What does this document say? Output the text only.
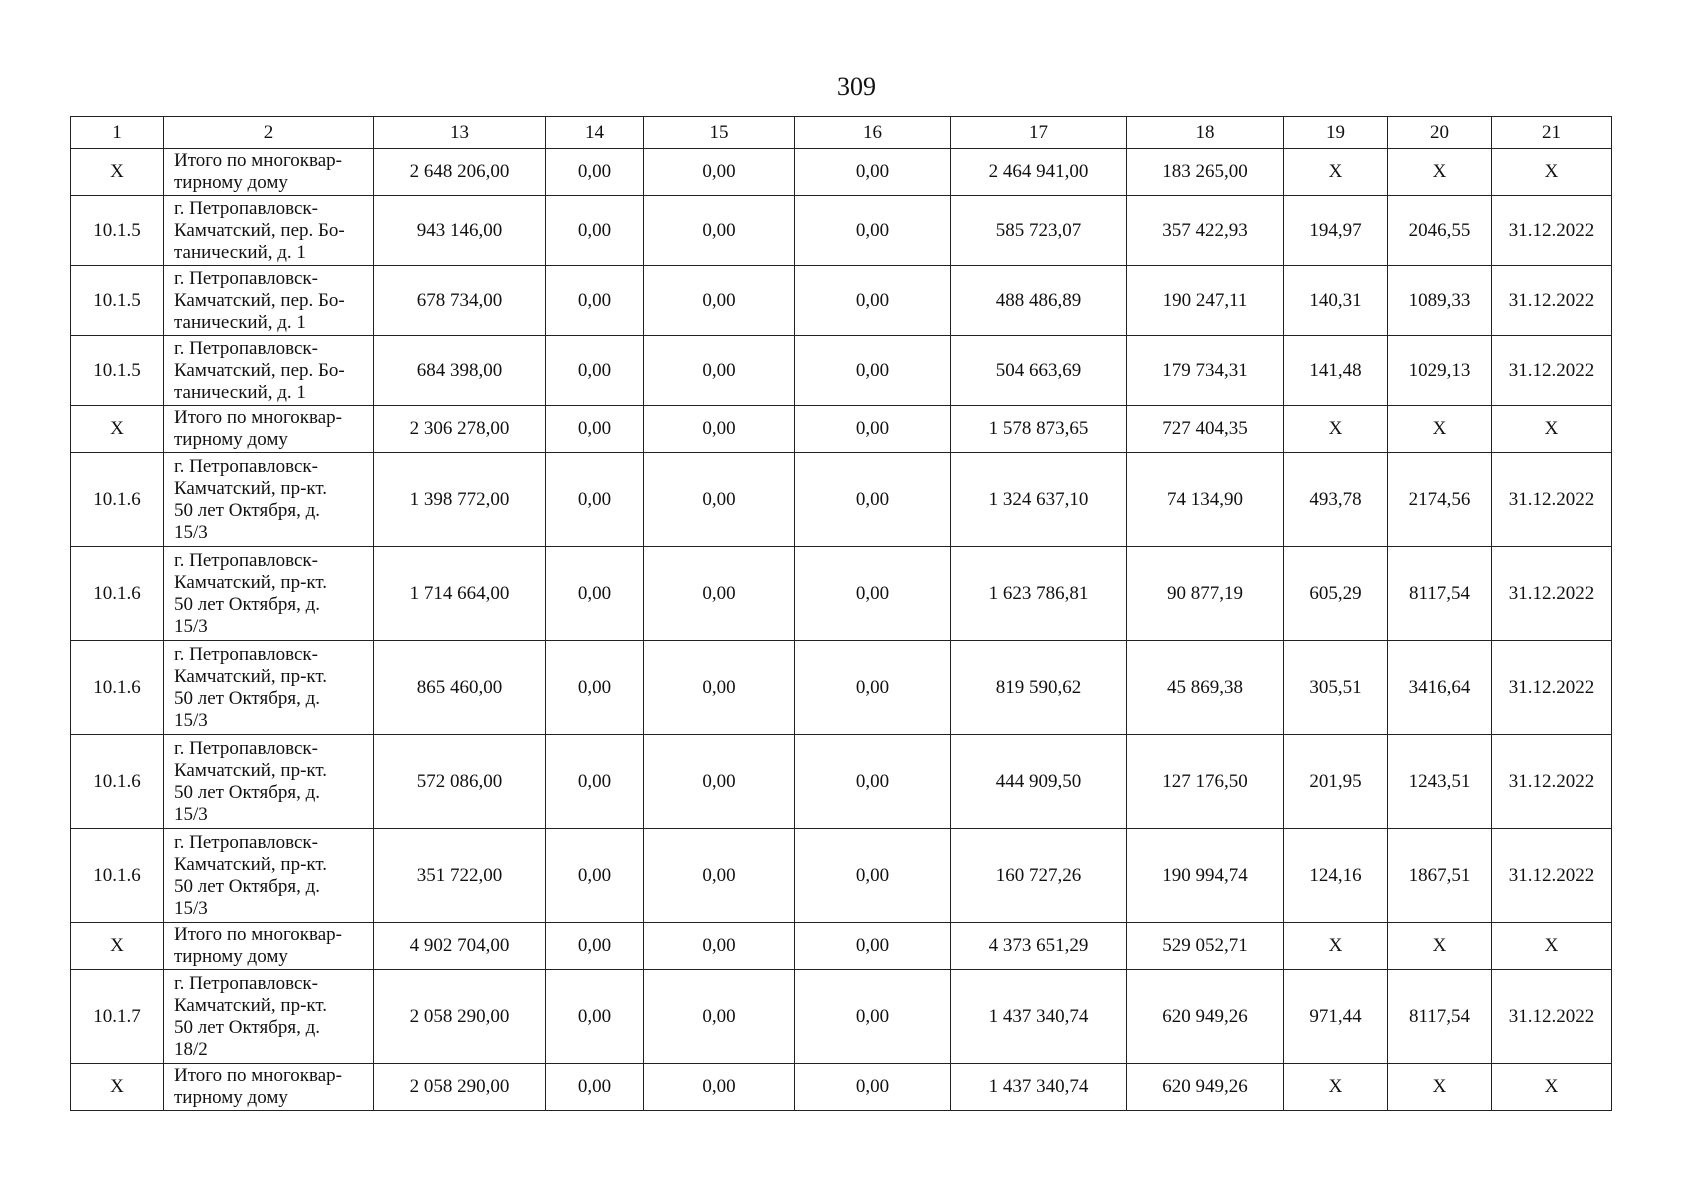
309
1	2	13	14	15	16	17	18	19	20	21
Х	Итого по многоквар-
тирному дому	2 648 206,00	0,00	0,00	0,00	2 464 941,00	183 265,00	Х	Х	Х
10.1.5	г. Петропавловск-
Камчатский, пер. Бо-
танический, д. 1	943 146,00	0,00	0,00	0,00	585 723,07	357 422,93	194,97	2046,55	31.12.2022
10.1.5	г. Петропавловск-
Камчатский, пер. Бо-
танический, д. 1	678 734,00	0,00	0,00	0,00	488 486,89	190 247,11	140,31	1089,33	31.12.2022
10.1.5	г. Петропавловск-
Камчатский, пер. Бо-
танический, д. 1	684 398,00	0,00	0,00	0,00	504 663,69	179 734,31	141,48	1029,13	31.12.2022
Х	Итого по многоквар-
тирному дому	2 306 278,00	0,00	0,00	0,00	1 578 873,65	727 404,35	Х	Х	Х
10.1.6	г. Петропавловск-
Камчатский, пр-кт.
50 лет Октября, д.
15/3	1 398 772,00	0,00	0,00	0,00	1 324 637,10	74 134,90	493,78	2174,56	31.12.2022
10.1.6	г. Петропавловск-
Камчатский, пр-кт.
50 лет Октября, д.
15/3	1 714 664,00	0,00	0,00	0,00	1 623 786,81	90 877,19	605,29	8117,54	31.12.2022
10.1.6	г. Петропавловск-
Камчатский, пр-кт.
50 лет Октября, д.
15/3	865 460,00	0,00	0,00	0,00	819 590,62	45 869,38	305,51	3416,64	31.12.2022
10.1.6	г. Петропавловск-
Камчатский, пр-кт.
50 лет Октября, д.
15/3	572 086,00	0,00	0,00	0,00	444 909,50	127 176,50	201,95	1243,51	31.12.2022
10.1.6	г. Петропавловск-
Камчатский, пр-кт.
50 лет Октября, д.
15/3	351 722,00	0,00	0,00	0,00	160 727,26	190 994,74	124,16	1867,51	31.12.2022
Х	Итого по многоквар-
тирному дому	4 902 704,00	0,00	0,00	0,00	4 373 651,29	529 052,71	Х	Х	Х
10.1.7	г. Петропавловск-
Камчатский, пр-кт.
50 лет Октября, д.
18/2	2 058 290,00	0,00	0,00	0,00	1 437 340,74	620 949,26	971,44	8117,54	31.12.2022
Х	Итого по многоквар-
тирному дому	2 058 290,00	0,00	0,00	0,00	1 437 340,74	620 949,26	Х	Х	Х
